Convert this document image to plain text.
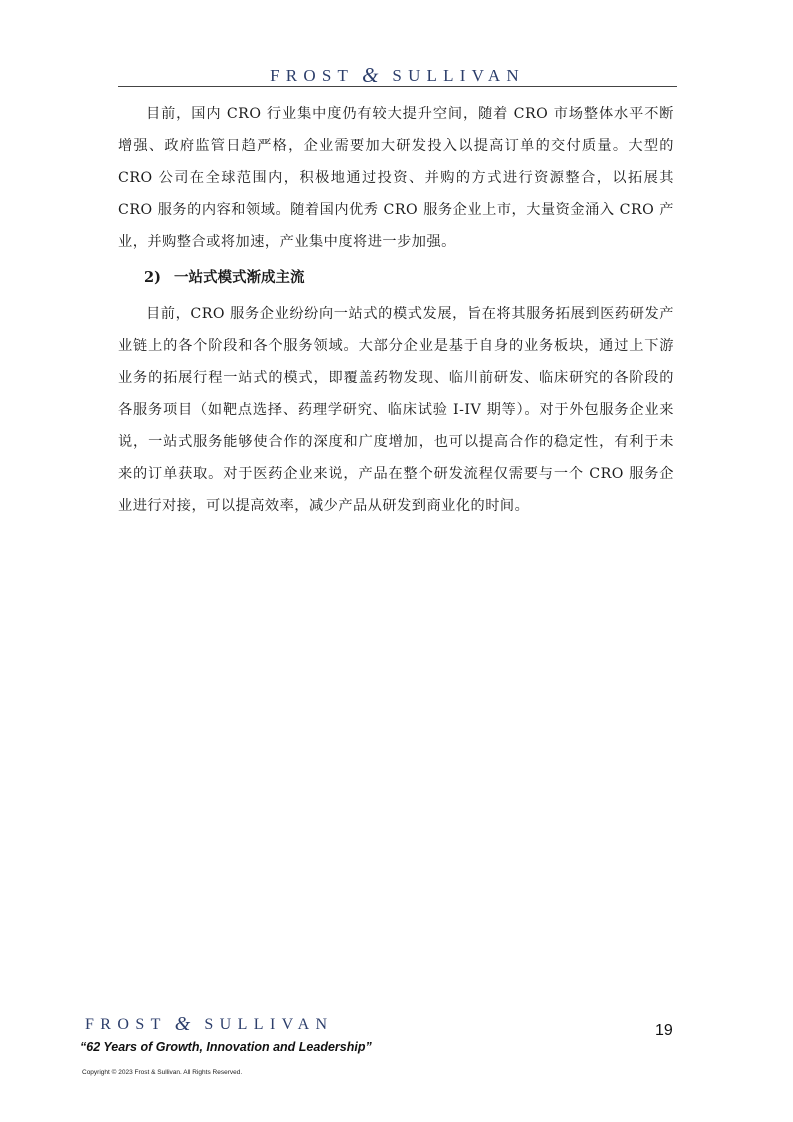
FROST & SULLIVAN

目前，国内 CRO 行业集中度仍有较大提升空间，随着 CRO 市场整体水平不断增强、政府监管日趋严格，企业需要加大研发投入以提高订单的交付质量。大型的 CRO 公司在全球范围内，积极地通过投资、并购的方式进行资源整合，以拓展其 CRO 服务的内容和领域。随着国内优秀 CRO 服务企业上市，大量资金涌入 CRO 产业，并购整合或将加速，产业集中度将进一步加强。

2) 一站式模式渐成主流

目前，CRO 服务企业纷纷向一站式的模式发展，旨在将其服务拓展到医药研发产业链上的各个阶段和各个服务领域。大部分企业是基于自身的业务板块，通过上下游业务的拓展行程一站式的模式，即覆盖药物发现、临川前研发、临床研究的各阶段的各服务项目（如靶点选择、药理学研究、临床试验 I-IV 期等）。对于外包服务企业来说，一站式服务能够使合作的深度和广度增加，也可以提高合作的稳定性，有利于未来的订单获取。对于医药企业来说，产品在整个研发流程仅需要与一个 CRO 服务企业进行对接，可以提高效率，减少产品从研发到商业化的时间。

FROST & SULLIVAN
“62 Years of Growth, Innovation and Leadership”
Copyright © 2023 Frost & Sullivan. All Rights Reserved.
19
